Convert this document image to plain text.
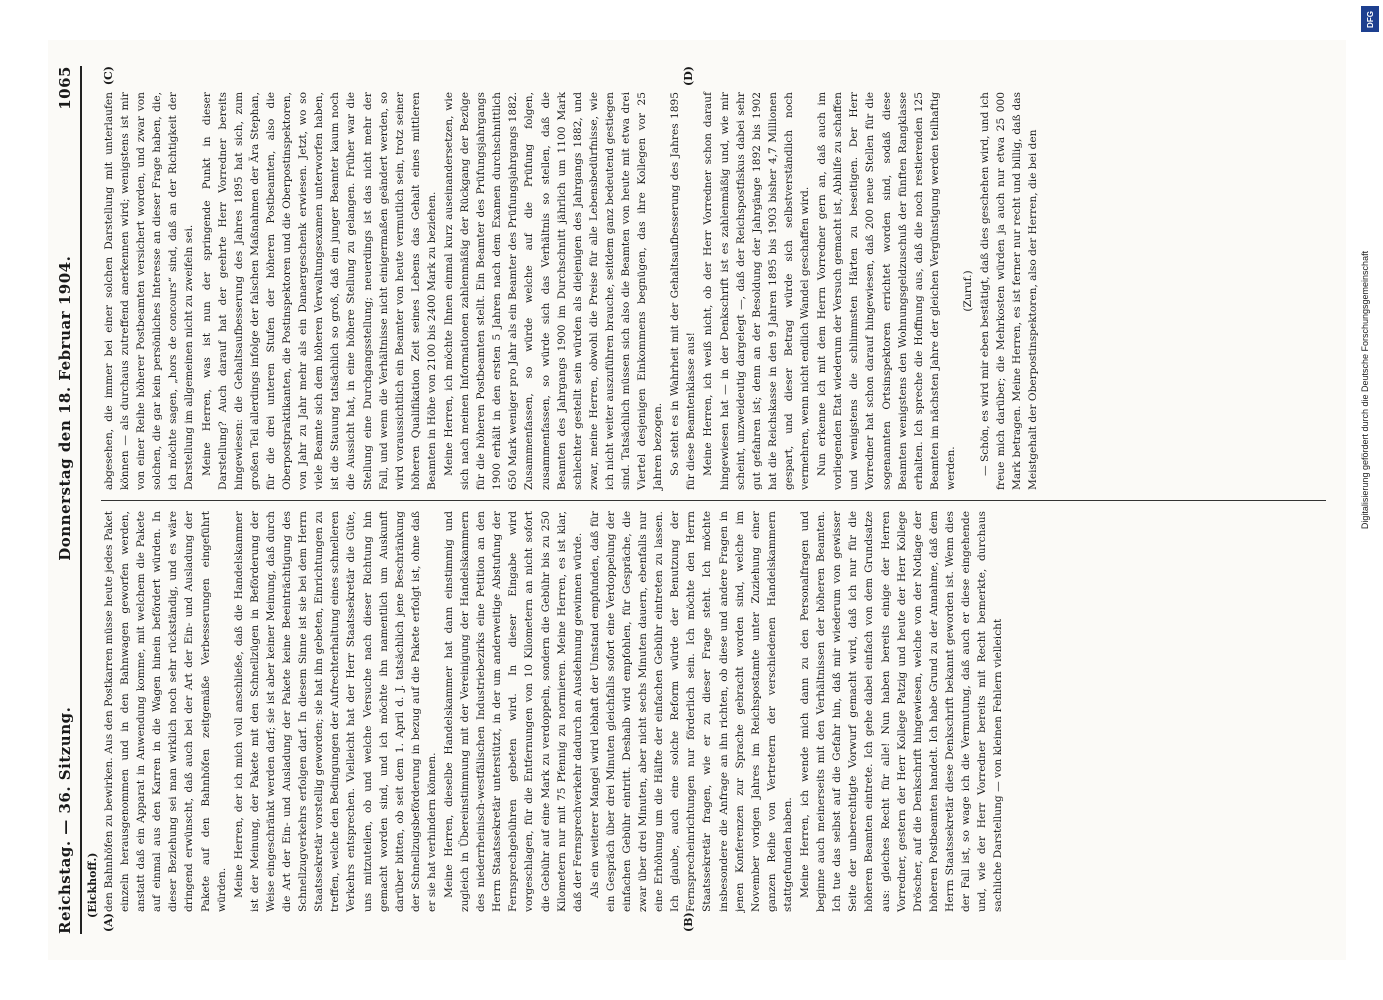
Reichstag. — 36. Sitzung.
Donnerstag den 18. Februar 1904.
1065
(Eickhoff.)
(A)	(B)

den Bahnhöfen zu bewirken. Aus den Postkarren müsse heute jedes Paket einzeln herausgenommen und in den Bahnwagen geworfen werden, anstatt daß ein Apparat in Anwendung komme, mit welchem die Pakete auf einmal aus den Karren in die Wagen hinein befördert würden. In dieser Beziehung sei man wirklich noch sehr rückständig, und es wäre dringend erwünscht, daß auch bei der Art der Ein- und Ausladung der Pakete auf den Bahnhöfen zeitgemäße Verbesserungen eingeführt würden. Meine Herren, der ich mich voll anschließe, daß die Handelskammer ist der Meinung, der Pakete mit den Schnellzügen in Beförderung der Weise eingeschränkt werden darf; sie ist aber keiner Meinung, daß durch die Art der Ein- und Ausladung der Pakete keine Beeinträchtigung des Schnellzugverkehrs erfolgen darf. In diesem Sinne ist sie bei dem Herrn Staatssekretär vorstellig geworden; sie hat ihn gebeten, Einrichtungen zu treffen, welche den Bedingungen der Aufrechterhaltung eines schnelleren Verkehrs entsprechen. Vielleicht hat der Herr Staatssekretär die Güte, uns mitzuteilen, ob und welche Versuche nach dieser Richtung hin gemacht worden sind, und ich möchte ihn namentlich um Auskunft darüber bitten, ob seit dem 1. April d. J. tatsächlich jene Beschränkung der Schnellzugsbeförderung in bezug auf die Pakete erfolgt ist, ohne daß er sie hat verhindern können. Meine Herren, dieselbe Handelskammer hat dann einstimmig und zugleich in Übereinstimmung mit der Vereinigung der Handelskammern des niederrheinisch-westfälischen Industriebezirks eine Petition an den Herrn Staatssekretär unterstützt, in der um anderweitige Abstufung der Fernsprechgebühren gebeten wird. In dieser Eingabe wird vorgeschlagen, für die Entfernungen von 10 Kilometern an nicht sofort die Gebühr auf eine Mark zu verdoppeln, sondern die Gebühr bis zu 250 Kilometern nur mit 75 Pfennig zu normieren. Meine Herren, es ist klar, daß der Fernsprechverkehr dadurch an Ausdehnung gewinnen würde. Als ein weiterer Mangel wird lebhaft der Umstand empfunden, daß für ein Gespräch über drei Minuten gleichfalls sofort eine Verdoppelung der einfachen Gebühr eintritt. Deshalb wird empfohlen, für Gespräche, die zwar über drei Minuten, aber nicht sechs Minuten dauern, ebenfalls nur eine Erhöhung um die Hälfte der einfachen Gebühr eintreten zu lassen. Ich glaube, auch eine solche Reform würde der Benutzung der Fernsprecheinrichtungen nur förderlich sein. Ich möchte den Herrn Staatssekretär fragen, wie er zu dieser Frage steht. Ich möchte insbesondere die Anfrage an ihn richten, ob diese und andere Fragen in jenen Konferenzen zur Sprache gebracht worden sind, welche im November vorigen Jahres im Reichspostamte unter Zuziehung einer ganzen Reihe von Vertretern der verschiedenen Handelskammern stattgefunden haben. Meine Herren, ich wende mich dann zu den Personalfragen und beginne auch meinerseits mit den Verhältnissen der höheren Beamten. Ich tue das selbst auf die Gefahr hin, daß mir wiederum von gewisser Seite der unberechtigte Vorwurf gemacht wird, daß ich nur für die höheren Beamten eintrete. Ich gehe dabei einfach von dem Grundsatze aus: gleiches Recht für alle! Nun haben bereits einige der Herren Vorredner, gestern der Herr Kollege Patzig und heute der Herr Kollege Dröscher, auf die Denkschrift hingewiesen, welche von der Notlage der höheren Postbeamten handelt. Ich habe Grund zu der Annahme, daß dem Herrn Staatssekretär diese Denkschrift bekannt geworden ist. Wenn dies der Fall ist, so wage ich die Vermutung, daß auch er diese eingehende und, wie der Herr Vorredner bereits mit Recht bemerkte, durchaus sachliche Darstellung — von kleinen Fehlern vielleicht

(C)	(D)

abgesehen, die immer bei einer solchen Darstellung mit unterlaufen können — als durchaus zutreffend anerkennen wird; wenigstens ist mir von einer Reihe höherer Postbeamten versichert worden, und zwar von solchen, die gar kein persönliches Interesse an dieser Frage haben, die, ich möchte sagen, „hors de concours“ sind, daß an der Richtigkeit der Darstellung im allgemeinen nicht zu zweifeln sei. Meine Herren, was ist nun der springende Punkt in dieser Darstellung? Auch darauf hat der geehrte Herr Vorredner bereits hingewiesen: die Gehaltsaufbesserung des Jahres 1895 hat sich, zum großen Teil allerdings infolge der falschen Maßnahmen der Ära Stephan, für die drei unteren Stufen der höheren Postbeamten, also die Oberpostpraktikanten, die Postinspektoren und die Oberpostinspektoren, von Jahr zu Jahr mehr als ein Danaergeschenk erwiesen. Jetzt, wo so viele Beamte sich dem höheren Verwaltungsexamen unterworfen haben, ist die Stauung tatsächlich so groß, daß ein junger Beamter kaum noch die Aussicht hat, in eine höhere Stellung zu gelangen. Früher war die Stellung eine Durchgangsstellung; neuerdings ist das nicht mehr der Fall, und wenn die Verhältnisse nicht einigermaßen geändert werden, so wird voraussichtlich ein Beamter von heute vermutlich sein, trotz seiner höheren Qualifikation Zeit seines Lebens das Gehalt eines mittleren Beamten in Höhe von 2100 bis 2400 Mark zu beziehen. Meine Herren, ich möchte Ihnen einmal kurz auseinandersetzen, wie sich nach meinen Informationen zahlenmäßig der Rückgang der Bezüge für die höheren Postbeamten stellt. Ein Beamter des Prüfungsjahrgangs 1900 erhält in den ersten 5 Jahren nach dem Examen durchschnittlich 650 Mark weniger pro Jahr als ein Beamter des Prüfungsjahrgangs 1882. Zusammenfassen, so würde welche auf die Prüfung folgen, zusammenfassen, so würde sich das Verhältnis so stellen, daß die Beamten des Jahrgangs 1900 im Durchschnitt jährlich um 1100 Mark schlechter gestellt sein würden als diejenigen des Jahrgangs 1882, und zwar, meine Herren, obwohl die Preise für alle Lebensbedürfnisse, wie ich nicht weiter auszuführen brauche, seitdem ganz bedeutend gestiegen sind. Tatsächlich müssen sich also die Beamten von heute mit etwa drei Viertel desjenigen Einkommens begnügen, das ihre Kollegen vor 25 Jahren bezogen. So steht es in Wahrheit mit der Gehaltsaufbesserung des Jahres 1895 für diese Beamtenklasse aus! Meine Herren, ich weiß nicht, ob der Herr Vorredner schon darauf hingewiesen hat — in der Denkschrift ist es zahlenmäßig und, wie mir scheint, unzweideutig dargelegt —, daß der Reichspostfiskus dabei sehr gut gefahren ist; denn an der Besoldung der Jahrgänge 1892 bis 1902 hat die Reichskasse in den 9 Jahren 1895 bis 1903 bisher 4,7 Millionen gespart, und dieser Betrag würde sich selbstverständlich noch vermehren, wenn nicht endlich Wandel geschaffen wird. Nun erkenne ich mit dem Herrn Vorredner gern an, daß auch im vorliegenden Etat wiederum der Versuch gemacht ist, Abhilfe zu schaffen und wenigstens die schlimmsten Härten zu beseitigen. Der Herr Vorredner hat schon darauf hingewiesen, daß 200 neue Stellen für die sogenannten Ortsinspektoren errichtet worden sind, sodaß diese Beamten wenigstens den Wohnungsgeldzuschuß der fünften Rangklasse erhalten. Ich spreche die Hoffnung aus, daß die noch restierenden 125 Beamten im nächsten Jahre der gleichen Vergünstigung werden teilhaftig werden.

(Zuruf.) — Schön, es wird mir eben bestätigt, daß dies geschehen wird, und ich freue mich darüber; die Mehrkosten würden ja auch nur etwa 25 000 Mark betragen. Meine Herren, es ist ferner nur recht und billig, daß das Meistgehalt der Oberpostinspektoren, also der Herren, die bei den	Digitalisierung gefördert durch die Deutsche Forschungsgemeinschaft
DFG
